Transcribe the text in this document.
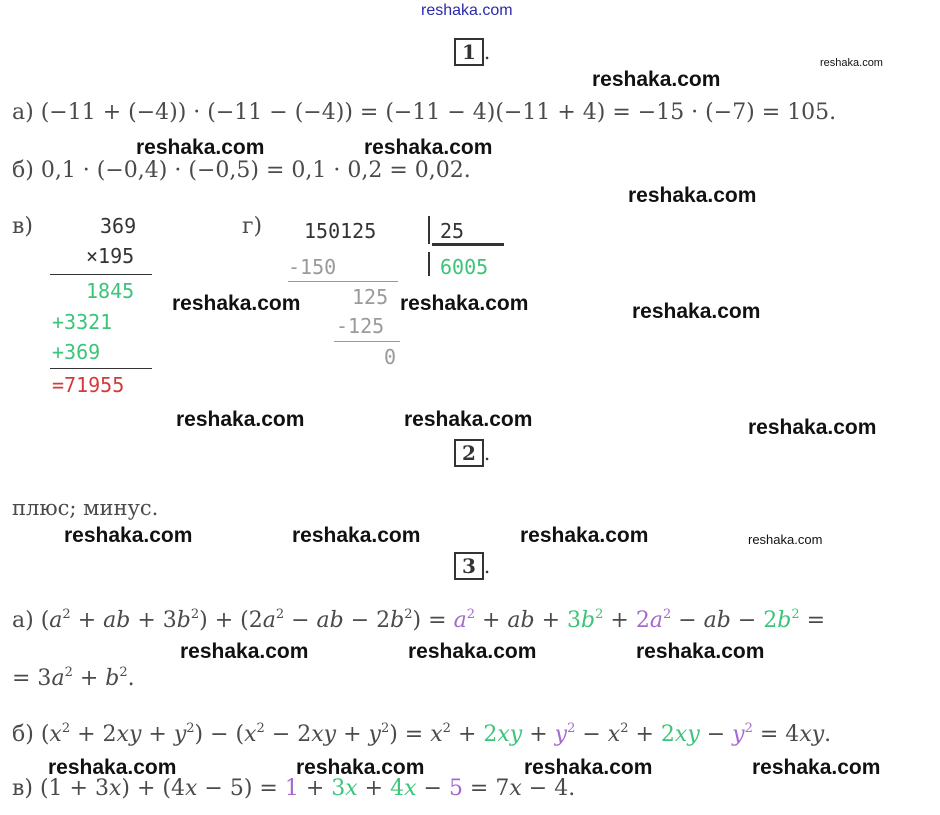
reshaka.com
1 .
reshaka.com
reshaka.com
а) (−11 + (−4)) · (−11 − (−4)) = (−11 − 4)(−11 + 4) = −15 · (−7) = 105.
reshaka.com	reshaka.com
б) 0,1 · (−0,4) · (−0,5) = 0,1 · 0,2 = 0,02.
reshaka.com
в)	369
×195
1845
+3321
+369
=71955
reshaka.com
г) 150125	25
6005
-150
125
-125
0
reshaka.com	reshaka.com
reshaka.com	reshaka.com	reshaka.com
2 .
плюс; минус.
reshaka.com	reshaka.com	reshaka.com	reshaka.com
3 .
а) ($a^2$ + ab + $3b^2) + (2a^2$ − ab − $2b^2) = a^2$ + ab + $3b^2 + 2a^2$ − ab − $2b^2$ =
reshaka.com	reshaka.com	reshaka.com
= $3a^2 + b^2$.
б) $(x^2 + 2xy + y^2) - (x^2 - 2xy + y^2) = x^2 + 2xy + y^2 - x^2 + 2xy - y^2 = 4xy$.
reshaka.com	reshaka.com	reshaka.com	reshaka.com
в) (1 + 3x) + (4x − 5) = 1 + 3x + 4x − 5 = 7x − 4.
